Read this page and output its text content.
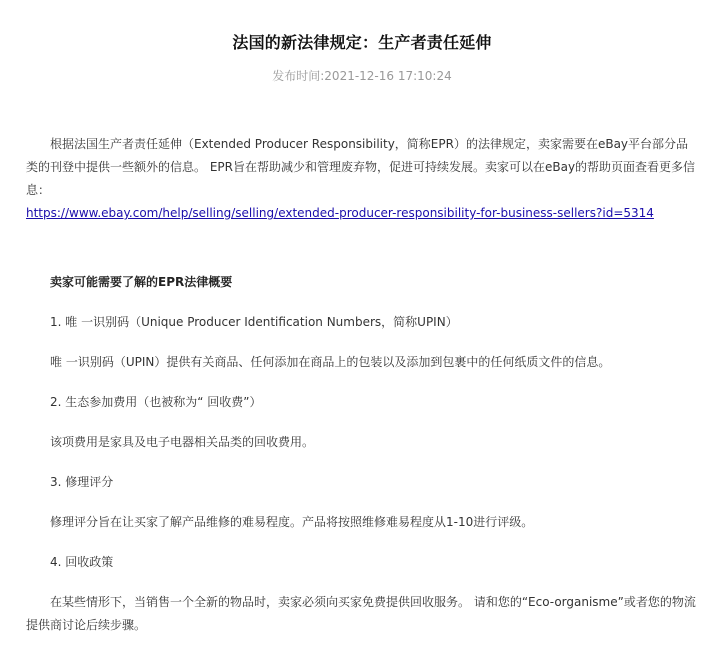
法国的新法律规定：生产者责任延伸
发布时间:2021-12-16 17:10:24

根据法国生产者责任延伸（Extended Producer Responsibility，简称EPR）的法律规定，卖家需要在eBay平台部分品类的刊登中提供一些额外的信息。 EPR旨在帮助减少和管理废弃物，促进可持续发展。卖家可以在eBay的帮助页面查看更多信息：
https://www.ebay.com/help/selling/selling/extended-producer-responsibility-for-business-sellers?id=5314

卖家可能需要了解的EPR法律概要

1. 唯 一识别码（Unique Producer Identification Numbers，简称UPIN）

唯 一识别码（UPIN）提供有关商品、任何添加在商品上的包装以及添加到包裹中的任何纸质文件的信息。

2. 生态参加费用（也被称为“ 回收费”）

该项费用是家具及电子电器相关品类的回收费用。

3. 修理评分

修理评分旨在让买家了解产品维修的难易程度。产品将按照维修难易程度从1-10进行评级。

4. 回收政策

在某些情形下，当销售一个全新的物品时，卖家必须向买家免费提供回收服务。 请和您的“Eco-organisme”或者您的物流提供商讨论后续步骤。
